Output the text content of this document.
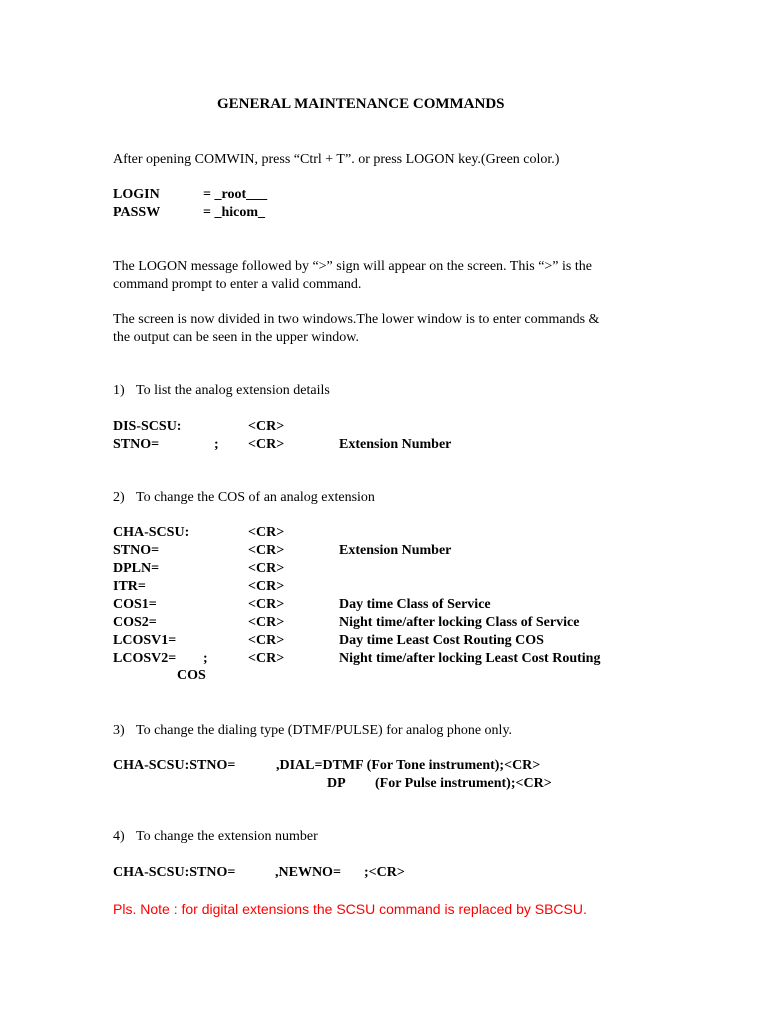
GENERAL MAINTENANCE COMMANDS
After opening COMWIN, press “Ctrl + T”. or press LOGON key.(Green color.)
LOGIN	= _root___
PASSW	= _hicom_
The LOGON message followed by “>” sign will appear on the screen. This “>” is the
command prompt to enter a valid command.
The screen is now divided in two windows.The lower window is to enter commands &
the output can be seen in the upper window.
1) To list the analog extension details
DIS-SCSU:	<CR>
STNO=	; <CR>	Extension Number
2) To change the COS of an analog extension
CHA-SCSU:	<CR>
STNO=	<CR>	Extension Number
DPLN=	<CR>
ITR=	<CR>
COS1=	<CR>	Day time Class of Service
COS2=	<CR>	Night time/after locking Class of Service
LCOSV1=	<CR>	Day time Least Cost Routing COS
LCOSV2= ;	<CR>	Night time/after locking Least Cost Routing
COS
3) To change the dialing type (DTMF/PULSE) for analog phone only.
CHA-SCSU:STNO=	,DIAL=DTMF (For Tone instrument);<CR>
DP (For Pulse instrument);<CR>
4) To change the extension number
CHA-SCSU:STNO=	,NEWNO= ;<CR>
Pls. Note : for digital extensions the SCSU command is replaced by SBCSU.
